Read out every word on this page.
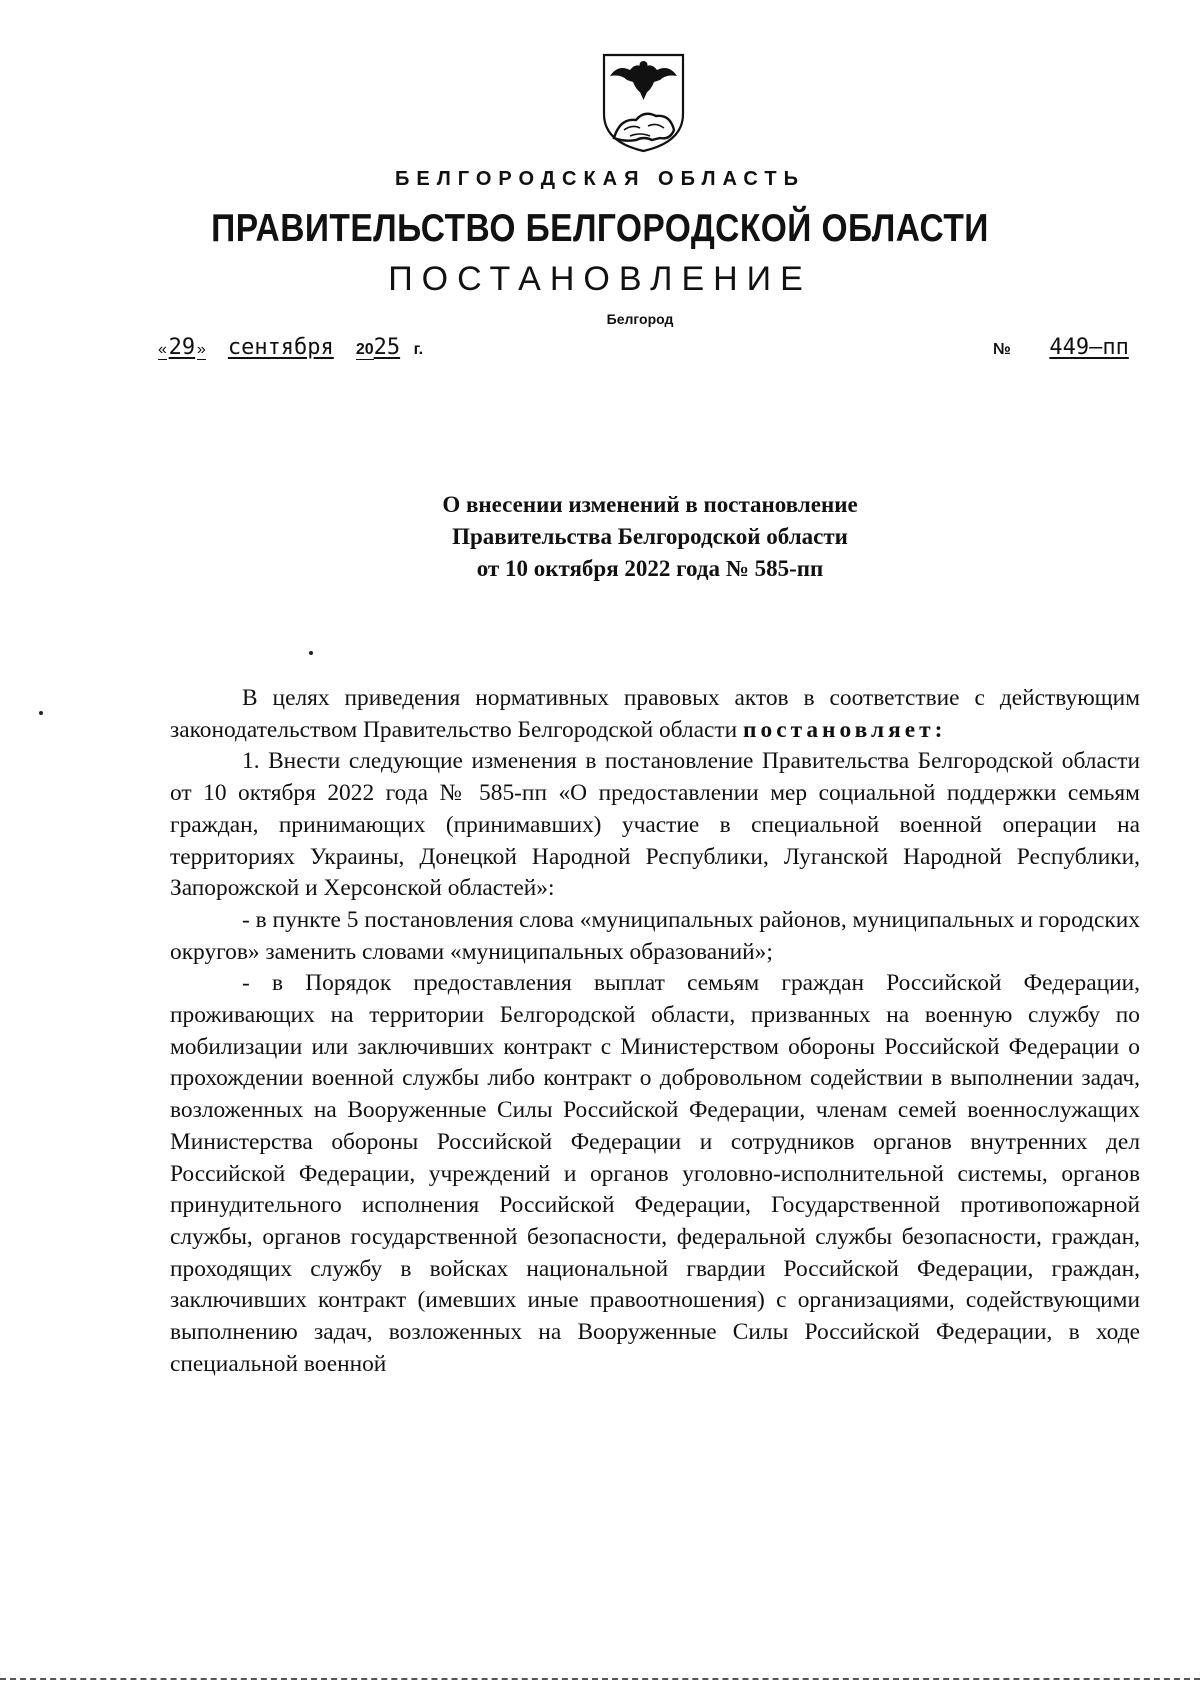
БЕЛГОРОДСКАЯ ОБЛАСТЬ
ПРАВИТЕЛЬСТВО БЕЛГОРОДСКОЙ ОБЛАСТИ
ПОСТАНОВЛЕНИЕ
Белгород
«29 » сентября 2025 г.	№ 449–пп
О внесении изменений в постановление
Правительства Белгородской области
от 10 октября 2022 года № 585-пп

В целях приведения нормативных правовых актов в соответствие с действующим законодательством Правительство Белгородской области постановляет:

1. Внести следующие изменения в постановление Правительства Белгородской области от 10 октября 2022 года № 585-пп «О предоставлении мер социальной поддержки семьям граждан, принимающих (принимавших) участие в специальной военной операции на территориях Украины, Донецкой Народной Республики, Луганской Народной Республики, Запорожской и Херсонской областей»:

- в пункте 5 постановления слова «муниципальных районов, муниципальных и городских округов» заменить словами «муниципальных образований»;

- в Порядок предоставления выплат семьям граждан Российской Федерации, проживающих на территории Белгородской области, призванных на военную службу по мобилизации или заключивших контракт с Министерством обороны Российской Федерации о прохождении военной службы либо контракт о добровольном содействии в выполнении задач, возложенных на Вооруженные Силы Российской Федерации, членам семей военнослужащих Министерства обороны Российской Федерации и сотрудников органов внутренних дел Российской Федерации, учреждений и органов уголовно-исполнительной системы, органов принудительного исполнения Российской Федерации, Государственной противопожарной службы, органов государственной безопасности, федеральной службы безопасности, граждан, проходящих службу в войсках национальной гвардии Российской Федерации, граждан, заключивших контракт (имевших иные правоотношения) с организациями, содействующими выполнению задач, возложенных на Вооруженные Силы Российской Федерации, в ходе специальной военной
